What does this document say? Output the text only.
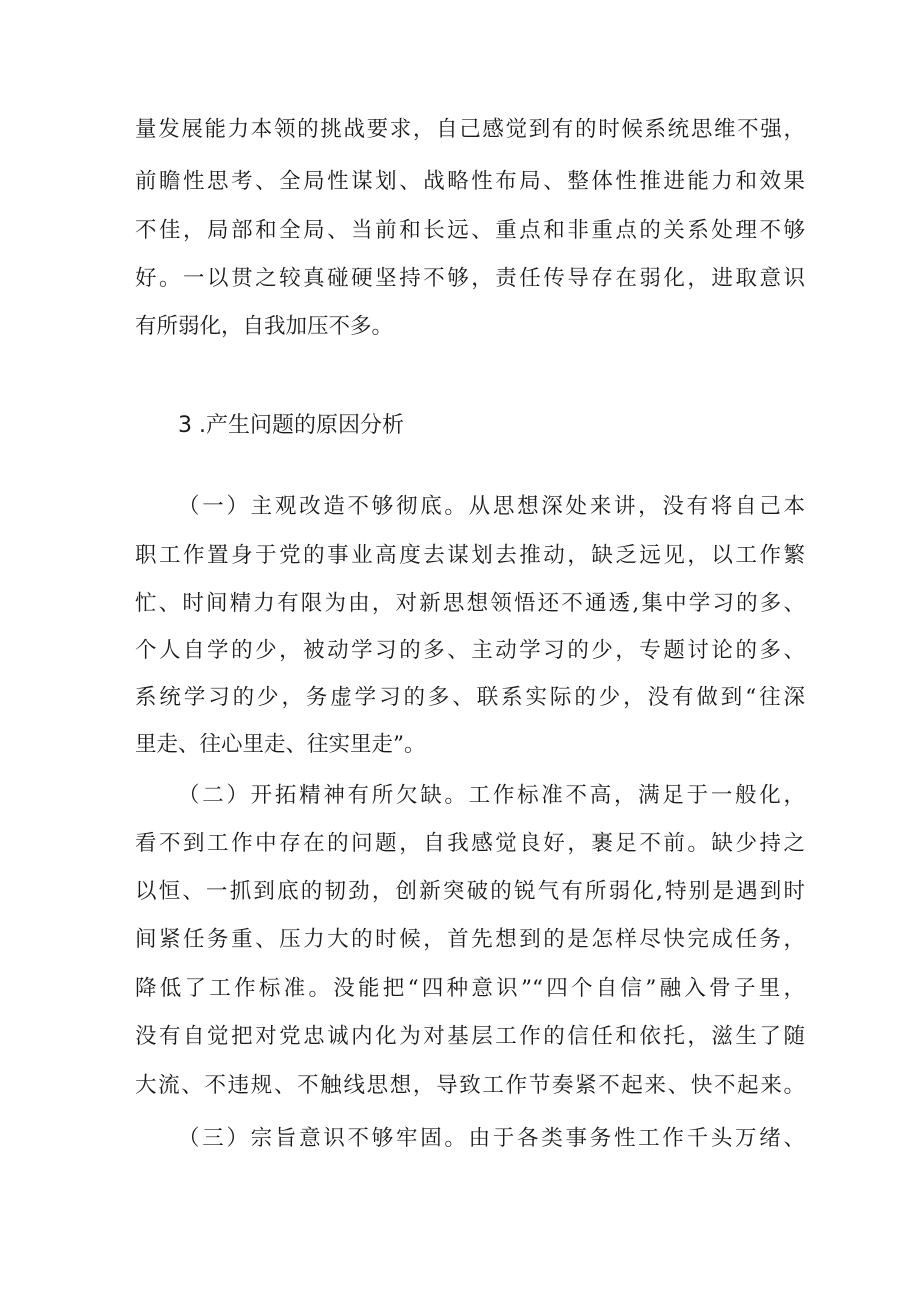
量发展能力本领的挑战要求，自己感觉到有的时候系统思维不强，
前瞻性思考、全局性谋划、战略性布局、整体性推进能力和效果
不佳，局部和全局、当前和长远、重点和非重点的关系处理不够
好。一以贯之较真碰硬坚持不够，责任传导存在弱化，进取意识
有所弱化，自我加压不多。
3 .产生问题的原因分析
（一）主观改造不够彻底。从思想深处来讲，没有将自己本
职工作置身于党的事业高度去谋划去推动，缺乏远见，以工作繁
忙、时间精力有限为由，对新思想领悟还不通透,集中学习的多、
个人自学的少，被动学习的多、主动学习的少，专题讨论的多、
系统学习的少，务虚学习的多、联系实际的少，没有做到“往深
里走、往心里走、往实里走”。
（二）开拓精神有所欠缺。工作标准不高，满足于一般化，
看不到工作中存在的问题，自我感觉良好，裹足不前。缺少持之
以恒、一抓到底的韧劲，创新突破的锐气有所弱化,特别是遇到时
间紧任务重、压力大的时候，首先想到的是怎样尽快完成任务，
降低了工作标准。没能把“四种意识”“四个自信”融入骨子里，
没有自觉把对党忠诚内化为对基层工作的信任和依托，滋生了随
大流、不违规、不触线思想，导致工作节奏紧不起来、快不起来。
（三）宗旨意识不够牢固。由于各类事务性工作千头万绪、
